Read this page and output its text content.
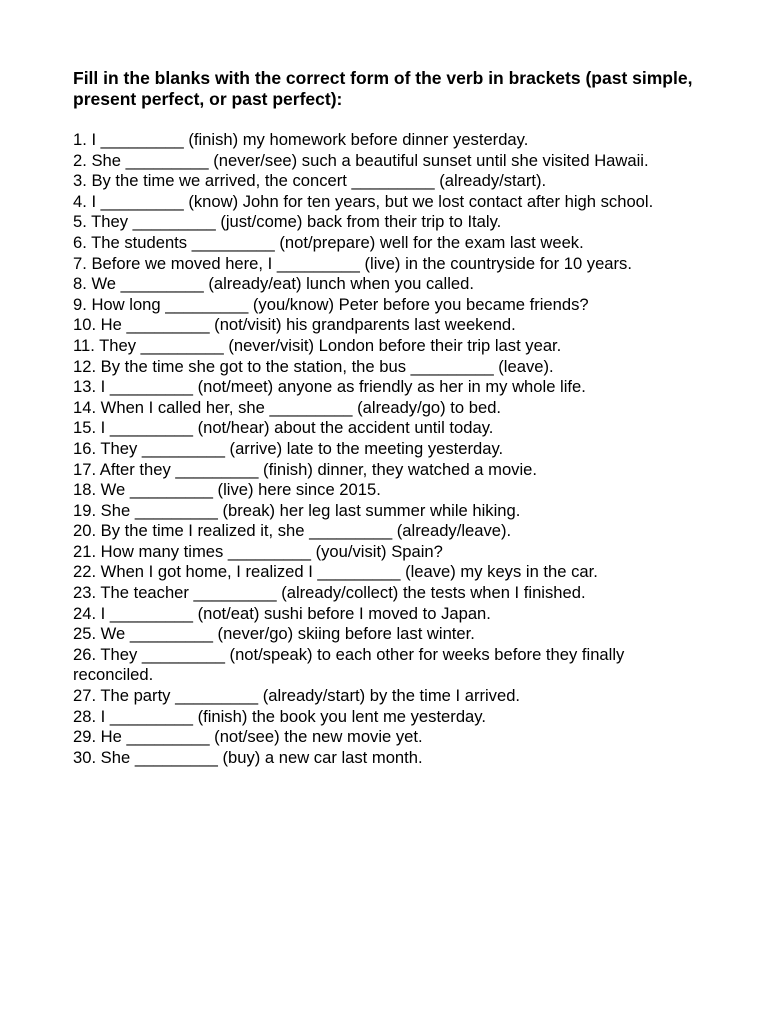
Fill in the blanks with the correct form of the verb in brackets (past simple, present perfect, or past perfect):

1. I _________ (finish) my homework before dinner yesterday.
2. She _________ (never/see) such a beautiful sunset until she visited Hawaii.
3. By the time we arrived, the concert _________ (already/start).
4. I _________ (know) John for ten years, but we lost contact after high school.
5. They _________ (just/come) back from their trip to Italy.
6. The students _________ (not/prepare) well for the exam last week.
7. Before we moved here, I _________ (live) in the countryside for 10 years.
8. We _________ (already/eat) lunch when you called.
9. How long _________ (you/know) Peter before you became friends?
10. He _________ (not/visit) his grandparents last weekend.
11. They _________ (never/visit) London before their trip last year.
12. By the time she got to the station, the bus _________ (leave).
13. I _________ (not/meet) anyone as friendly as her in my whole life.
14. When I called her, she _________ (already/go) to bed.
15. I _________ (not/hear) about the accident until today.
16. They _________ (arrive) late to the meeting yesterday.
17. After they _________ (finish) dinner, they watched a movie.
18. We _________ (live) here since 2015.
19. She _________ (break) her leg last summer while hiking.
20. By the time I realized it, she _________ (already/leave).
21. How many times _________ (you/visit) Spain?
22. When I got home, I realized I _________ (leave) my keys in the car.
23. The teacher _________ (already/collect) the tests when I finished.
24. I _________ (not/eat) sushi before I moved to Japan.
25. We _________ (never/go) skiing before last winter.
26. They _________ (not/speak) to each other for weeks before they finally reconciled.
27. The party _________ (already/start) by the time I arrived.
28. I _________ (finish) the book you lent me yesterday.
29. He _________ (not/see) the new movie yet.
30. She _________ (buy) a new car last month.
